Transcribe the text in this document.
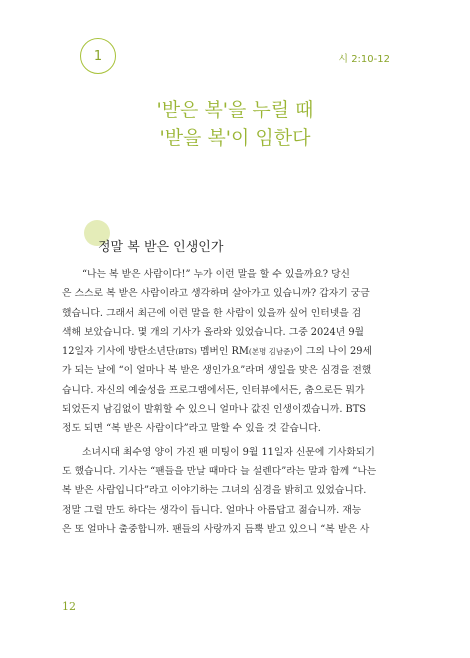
1	시 2:10-12
'받은 복'을 누릴 때
'받을 복'이 임한다
정말 복 받은 인생인가

“나는 복 받은 사람이다!” 누가 이런 말을 할 수 있을까요? 당신
은 스스로 복 받은 사람이라고 생각하며 살아가고 있습니까? 갑자기 궁금
했습니다. 그래서 최근에 이런 말을 한 사람이 있을까 싶어 인터넷을 검
색해 보았습니다. 몇 개의 기사가 올라와 있었습니다. 그중 2024년 9월
12일자 기사에 방탄소년단(BTS) 멤버인 RM(본명 김남준)이 그의 나이 29세
가 되는 날에 “이 얼마나 복 받은 생인가요”라며 생일을 맞은 심경을 전했
습니다. 자신의 예술성을 프로그램에서든, 인터뷰에서든, 춤으로든 뭐가
되었든지 남김없이 발휘할 수 있으니 얼마나 값진 인생이겠습니까. BTS
정도 되면 “복 받은 사람이다”라고 말할 수 있을 것 같습니다.

소녀시대 최수영 양이 가진 팬 미팅이 9월 11일자 신문에 기사화되기
도 했습니다. 기사는 “팬들을 만날 때마다 늘 설렌다”라는 말과 함께 “나는
복 받은 사람입니다”라고 이야기하는 그녀의 심경을 밝히고 있었습니다.
정말 그럴 만도 하다는 생각이 듭니다. 얼마나 아름답고 젊습니까. 재능
은 또 얼마나 출중합니까. 팬들의 사랑까지 듬뿍 받고 있으니 “복 받은 사

12
